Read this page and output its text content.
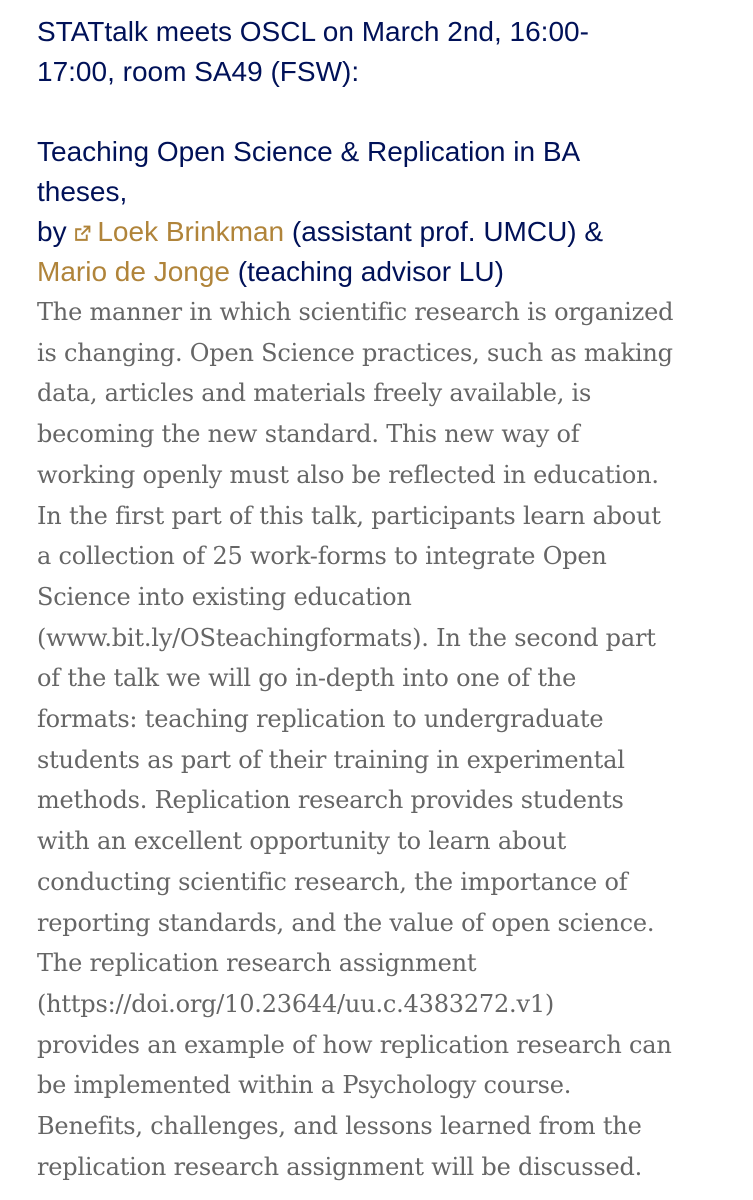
STATtalk meets OSCL on March 2nd, 16:00-
17:00, room SA49 (FSW):
Teaching Open Science & Replication in BA
theses,

by Loek Brinkman (assistant prof. UMCU) &
Mario de Jonge (teaching advisor LU)

The manner in which scientific research is organized
is changing. Open Science practices, such as making
data, articles and materials freely available, is
becoming the new standard. This new way of
working openly must also be reflected in education.
In the first part of this talk, participants learn about
a collection of 25 work-forms to integrate Open
Science into existing education
(www.bit.ly/OSteachingformats). In the second part
of the talk we will go in-depth into one of the
formats: teaching replication to undergraduate
students as part of their training in experimental
methods. Replication research provides students
with an excellent opportunity to learn about
conducting scientific research, the importance of
reporting standards, and the value of open science.
The replication research assignment
(https://doi.org/10.23644/uu.c.4383272.v1)
provides an example of how replication research can
be implemented within a Psychology course.
Benefits, challenges, and lessons learned from the
replication research assignment will be discussed.
